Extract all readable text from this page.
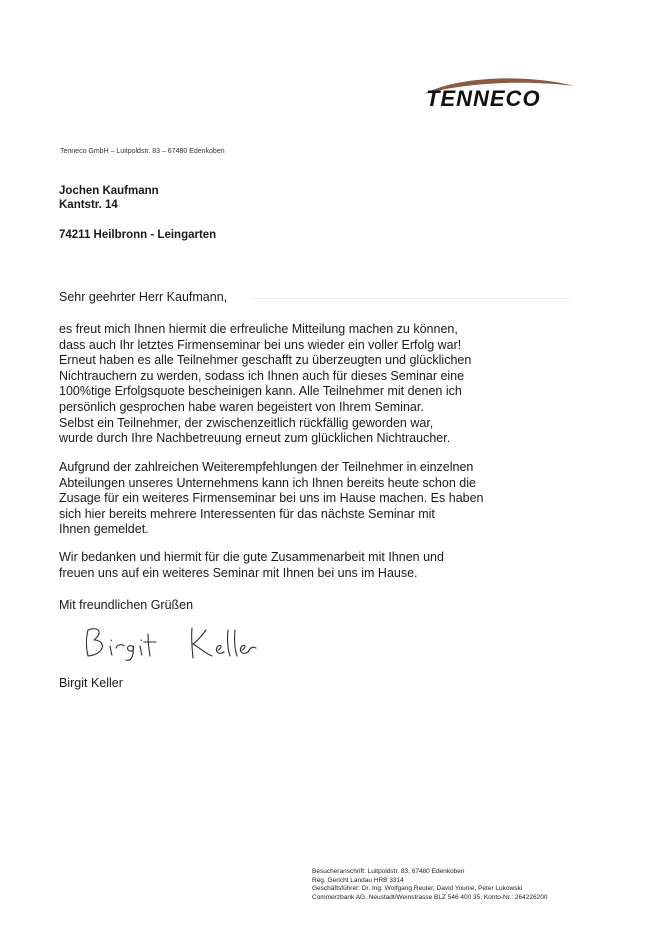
TENNECO
Tenneco GmbH – Luitpoldstr. 83 – 67480 Edenkoben
Jochen Kaufmann
Kantstr. 14
74211 Heilbronn - Leingarten
Sehr geehrter Herr Kaufmann,
es freut mich Ihnen hiermit die erfreuliche Mitteilung machen zu können,
dass auch Ihr letztes Firmenseminar bei uns wieder ein voller Erfolg war!
Erneut haben es alle Teilnehmer geschafft zu überzeugten und glücklichen
Nichtrauchern zu werden, sodass ich Ihnen auch für dieses Seminar eine
100%tige Erfolgsquote bescheinigen kann. Alle Teilnehmer mit denen ich
persönlich gesprochen habe waren begeistert von Ihrem Seminar.
Selbst ein Teilnehmer, der zwischenzeitlich rückfällig geworden war,
wurde durch Ihre Nachbetreuung erneut zum glücklichen Nichtraucher.
Aufgrund der zahlreichen Weiterempfehlungen der Teilnehmer in einzelnen
Abteilungen unseres Unternehmens kann ich Ihnen bereits heute schon die
Zusage für ein weiteres Firmenseminar bei uns im Hause machen. Es haben
sich hier bereits mehrere Interessenten für das nächste Seminar mit
Ihnen gemeldet.
Wir bedanken und hiermit für die gute Zusammenarbeit mit Ihnen und
freuen uns auf ein weiteres Seminar mit Ihnen bei uns im Hause.
Mit freundlichen Grüßen
Birgit Keller
Besucheranschrift: Luitpoldstr. 83, 67480 Edenkoben
Reg. Gericht Landau HRB 3314
Geschäftsführer: Dr. Ing. Wolfgang Reuter, David Younie, Peter Lukowski
Commerzbank AG, Neustadt/Weinstrasse BLZ 546 400 35, Konto-Nr.: 264226200
